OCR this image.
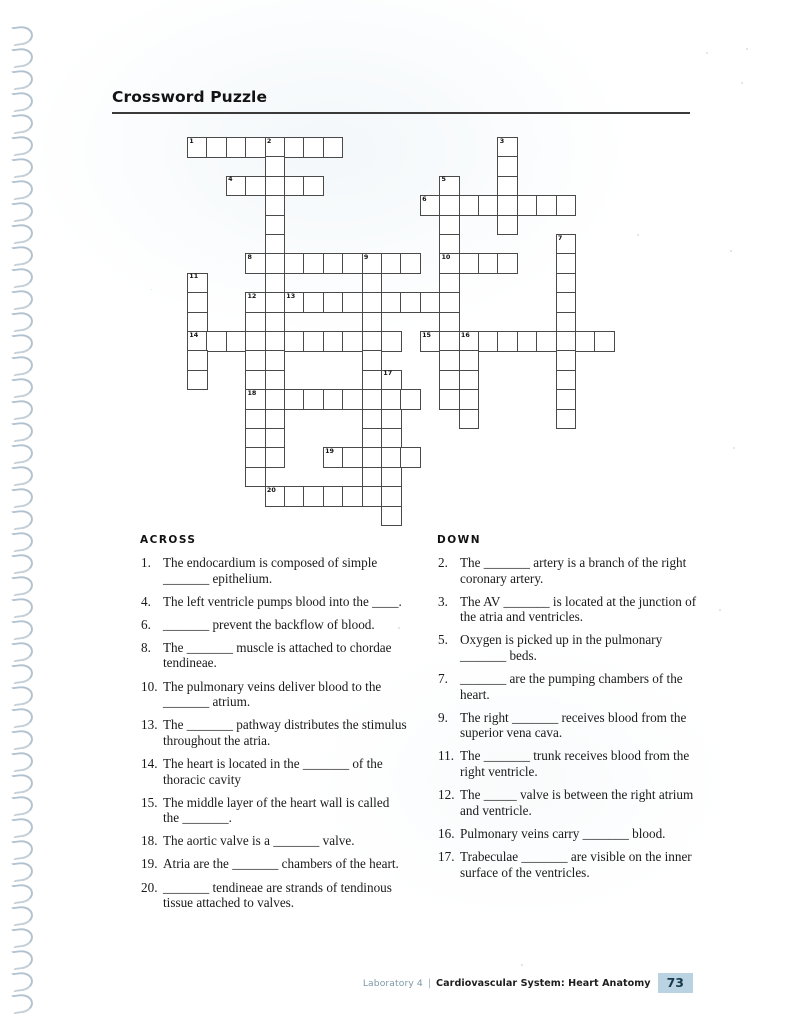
Crossword Puzzle
1	2	3
4	5
6
7
8	9	10
11
12	13
14	15	16
17
18
19
20
ACROSS
1. The endocardium is composed of simple _______ epithelium.
4. The left ventricle pumps blood into the ____.
6. _______ prevent the backflow of blood.
8. The _______ muscle is attached to chordae tendineae.
10. The pulmonary veins deliver blood to the _______ atrium.
13. The _______ pathway distributes the stimulus throughout the atria.
14. The heart is located in the _______ of the thoracic cavity
15. The middle layer of the heart wall is called the _______.
18. The aortic valve is a _______ valve.
19. Atria are the _______ chambers of the heart.
20. _______ tendineae are strands of tendinous tissue attached to valves.
DOWN
2. The _______ artery is a branch of the right coronary artery.
3. The AV _______ is located at the junction of the atria and ventricles.
5. Oxygen is picked up in the pulmonary _______ beds.
7. _______ are the pumping chambers of the heart.
9. The right _______ receives blood from the superior vena cava.
11. The _______ trunk receives blood from the right ventricle.
12. The _____ valve is between the right atrium and ventricle.
16. Pulmonary veins carry _______ blood.
17. Trabeculae _______ are visible on the inner surface of the ventricles.
Laboratory 4 | Cardiovascular System: Heart Anatomy	73
